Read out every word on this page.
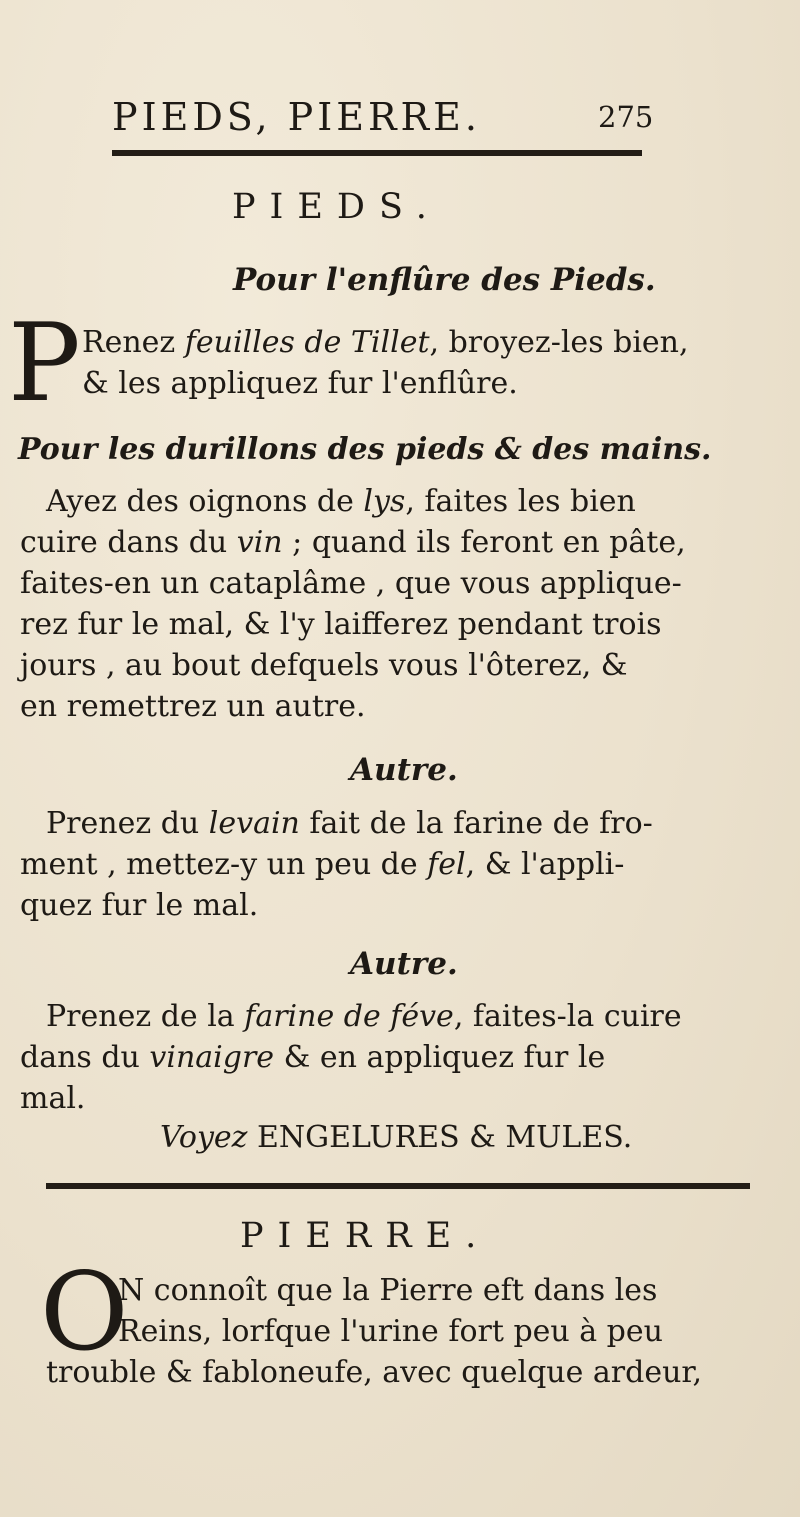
PIEDS, PIERRE.	275
PIEDS.
Pour l'enflûre des Pieds.
P Renez feuilles de Tillet, broyez-les bien,
& les appliquez fur l'enflûre.
Pour les durillons des pieds & des mains.
Ayez des oignons de lys, faites les bien
cuire dans du vin ; quand ils feront en pâte,
faites-en un cataplâme , que vous applique-
rez fur le mal, & l'y laifferez pendant trois
jours , au bout defquels vous l'ôterez, &
en remettrez un autre.
Autre.
Prenez du levain fait de la farine de fro-
ment , mettez-y un peu de fel, & l'appli-
quez fur le mal.
Autre.
Prenez de la farine de féve, faites-la cuire
dans du vinaigre & en appliquez fur le
mal.
Voyez ENGELURES & MULES.
PIERRE.
O
N connoît que la Pierre eft dans les
Reins, lorfque l'urine fort peu à peu
trouble & fabloneufe, avec quelque ardeur,
